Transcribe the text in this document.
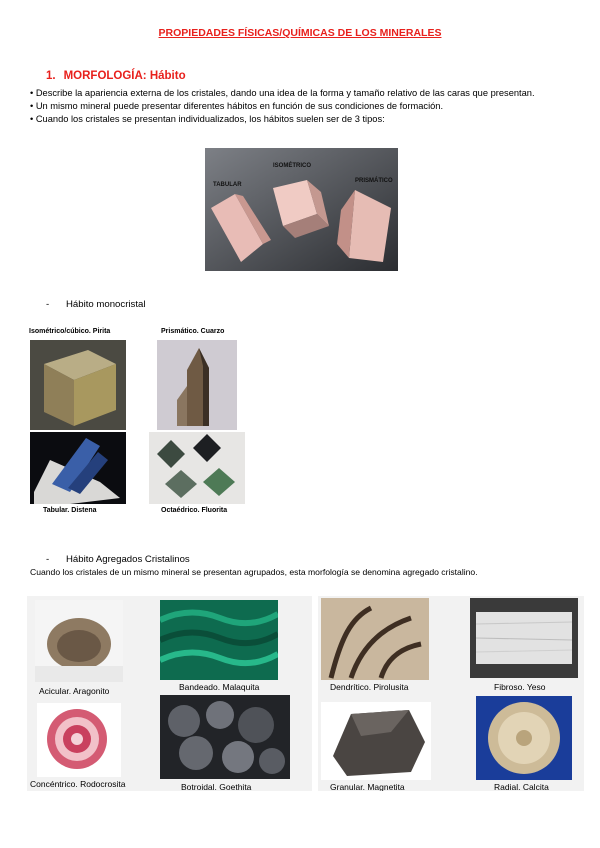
PROPIEDADES FÍSICAS/QUÍMICAS DE LOS MINERALES
1. MORFOLOGÍA: Hábito

• Describe la apariencia externa de los cristales, dando una idea de la forma y tamaño relativo de las caras que presentan.

• Un mismo mineral puede presentar diferentes hábitos en función de sus condiciones de formación.

• Cuando los cristales se presentan individualizados, los hábitos suelen ser de 3 tipos:

TABULAR
ISOMÉTRICO
PRISMÁTICO
- Hábito monocristal
Isométrico/cúbico. Pirita	Prismático. Cuarzo
Tabular. Distena	Octaédrico. Fluorita
- Hábito Agregados Cristalinos
Cuando los cristales de un mismo mineral se presentan agrupados, esta morfología se denomina agregado cristalino.
Acicular. Aragonito	Bandeado. Malaquita
Concéntrico. Rodocrosita	Botroidal. Goethita
Dendrítico. Pirolusita	Fibroso. Yeso
Granular. Magnetita	Radial. Calcita
